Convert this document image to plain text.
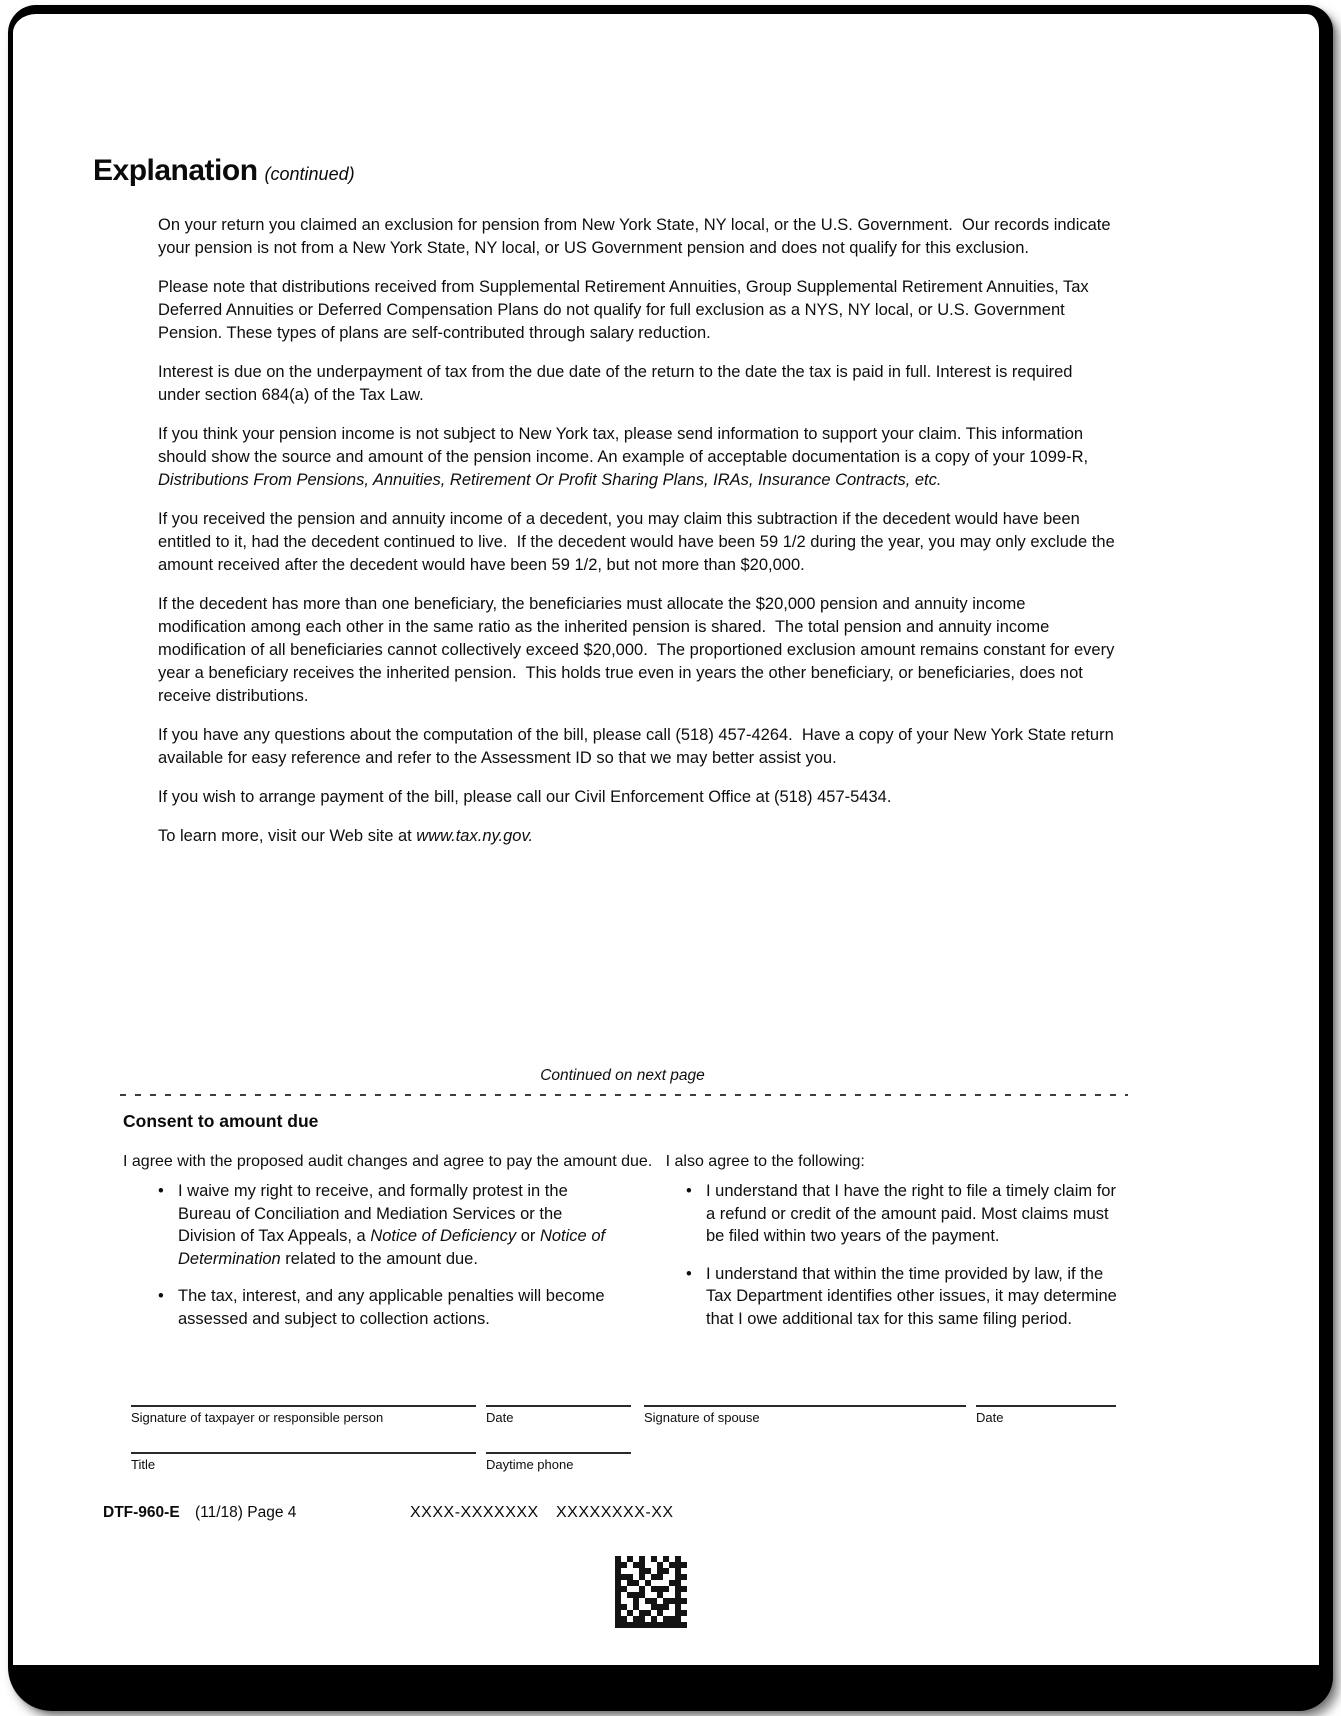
Explanation (continued)

On your return you claimed an exclusion for pension from New York State, NY local, or the U.S. Government.  Our records indicate your pension is not from a New York State, NY local, or US Government pension and does not qualify for this exclusion.

Please note that distributions received from Supplemental Retirement Annuities, Group Supplemental Retirement Annuities, Tax Deferred Annuities or Deferred Compensation Plans do not qualify for full exclusion as a NYS, NY local, or U.S. Government Pension. These types of plans are self-contributed through salary reduction.

Interest is due on the underpayment of tax from the due date of the return to the date the tax is paid in full. Interest is required under section 684(a) of the Tax Law.

If you think your pension income is not subject to New York tax, please send information to support your claim. This information should show the source and amount of the pension income. An example of acceptable documentation is a copy of your 1099-R, Distributions From Pensions, Annuities, Retirement Or Profit Sharing Plans, IRAs, Insurance Contracts, etc.

If you received the pension and annuity income of a decedent, you may claim this subtraction if the decedent would have been entitled to it, had the decedent continued to live.  If the decedent would have been 59 1/2 during the year, you may only exclude the amount received after the decedent would have been 59 1/2, but not more than $20,000.

If the decedent has more than one beneficiary, the beneficiaries must allocate the $20,000 pension and annuity income modification among each other in the same ratio as the inherited pension is shared.  The total pension and annuity income modification of all beneficiaries cannot collectively exceed $20,000.  The proportioned exclusion amount remains constant for every year a beneficiary receives the inherited pension.  This holds true even in years the other beneficiary, or beneficiaries, does not receive distributions.

If you have any questions about the computation of the bill, please call (518) 457-4264.  Have a copy of your New York State return available for easy reference and refer to the Assessment ID so that we may better assist you.

If you wish to arrange payment of the bill, please call our Civil Enforcement Office at (518) 457-5434.

To learn more, visit our Web site at www.tax.ny.gov.

Continued on next page
Consent to amount due
I agree with the proposed audit changes and agree to pay the amount due.   I also agree to the following:
• I waive my right to receive, and formally protest in the Bureau of Conciliation and Mediation Services or the Division of Tax Appeals, a Notice of Deficiency or Notice of Determination related to the amount due.
• The tax, interest, and any applicable penalties will become assessed and subject to collection actions.
• I understand that I have the right to file a timely claim for a refund or credit of the amount paid. Most claims must be filed within two years of the payment.
• I understand that within the time provided by law, if the Tax Department identifies other issues, it may determine that I owe additional tax for this same filing period.
Signature of taxpayer or responsible person	Date	Signature of spouse	Date
Title	Daytime phone
DTF-960-E (11/18) Page 4	XXXX-XXXXXXX XXXXXXXX-XX
